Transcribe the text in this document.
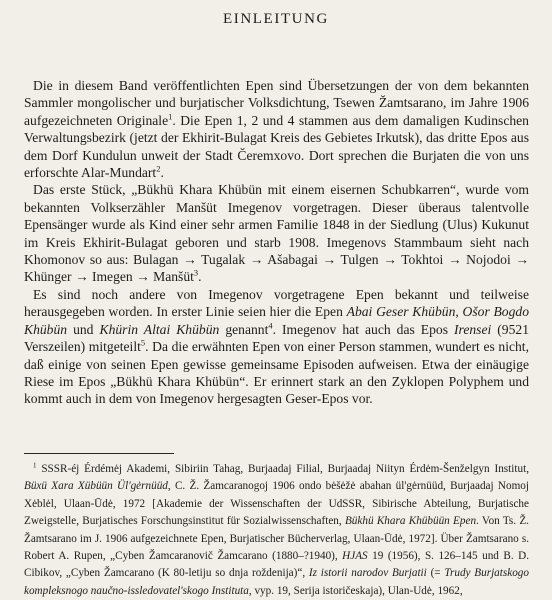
EINLEITUNG

Die in diesem Band veröffentlichten Epen sind Übersetzungen der von dem bekannten Sammler mongolischer und burjatischer Volksdichtung, Tsewen Žamtsarano, im Jahre 1906 aufgezeichneten Originale$^1$. Die Epen 1, 2 und 4 stammen aus dem damaligen Kudinschen Verwaltungsbezirk (jetzt der Ekhirit-Bulagat Kreis des Gebietes Irkutsk), das dritte Epos aus dem Dorf Kundulun unweit der Stadt Čeremxovo. Dort sprechen die Burjaten die von uns erforschte Alar-Mundart$^2$.

Das erste Stück, „Bükhü Khara Khübün mit einem eisernen Schubkarren“, wurde vom bekannten Volkserzähler Manšüt Imegenov vorgetragen. Dieser überaus talentvolle Epensänger wurde als Kind einer sehr armen Familie 1848 in der Siedlung (Ulus) Kukunut im Kreis Ekhirit-Bulagat geboren und starb 1908. Imegenovs Stammbaum sieht nach Khomonov so aus: Bulagan → Tugalak → Ašabagai → Tulgen → Tokhtoi → Nojodoi → Khünger → Imegen → Manšüt$^3$.

Es sind noch andere von Imegenov vorgetragene Epen bekannt und teilweise herausgegeben worden. In erster Linie seien hier die Epen Abai Geser Khübün, Ošor Bogdo Khübün und Khürin Altai Khübün genannt$^4$. Imegenov hat auch das Epos Irensei (9521 Verszeilen) mitgeteilt$^5$. Da die erwähnten Epen von einer Person stammen, wundert es nicht, daß einige von seinen Epen gewisse gemeinsame Episoden aufweisen. Etwa der einäugige Riese im Epos „Bükhü Khara Khübün“. Er erinnert stark an den Zyklopen Polyphem und kommt auch in dem von Imegenov hergesagten Geser-Epos vor.

$^1$ SSSR-éj Érdémėj Akademi, Sibiriin Tahag, Burjaadaj Filial, Burjaadaj Niityn Érdėm-Šenželgyn Institut, Büxü Xara Xübüün Ül'gėrnüüd, C. Ž. Žamcaranogoj 1906 ondo bėšėžė abahan ül'gėrnüüd, Burjaadaj Nomoj Xėblėl, Ulaan-Ūdė, 1972 [Akademie der Wissenschaften der UdSSR, Sibirische Abteilung, Burjatische Zweigstelle, Burjatisches Forschungsinstitut für Sozialwissenschaften, Bükhü Khara Khübüün Epen. Von Ts. Ž. Žamtsarano im J. 1906 aufgezeichnete Epen, Burjatischer Bücherverlag, Ulaan-Ūdė, 1972]. Über Žamtsarano s. Robert A. Rupen, „Cyben Žamcaranovič Žamcarano (1880–?1940), HJAS 19 (1956), S. 126–145 und B. D. Cibikov, „Cyben Žamcarano (K 80-letiju so dnja roždenija)“, Iz istorii narodov Burjatii (= Trudy Burjatskogo kompleksnogo naučno-issledovatel'skogo Instituta, vyp. 19, Serija istoričeskaja), Ulan-Udė, 1962,
